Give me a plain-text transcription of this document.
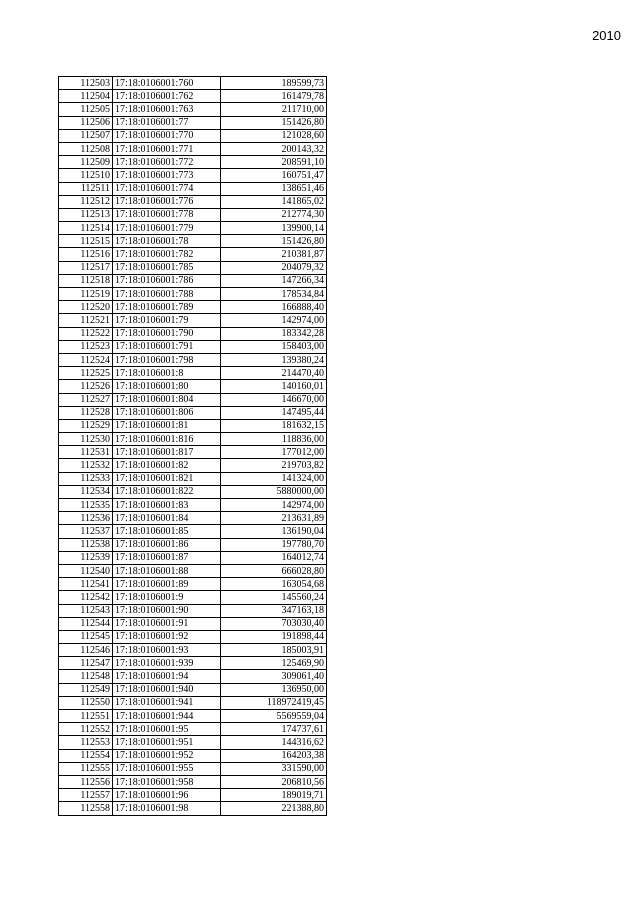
2010
112503	17:18:0106001:760	189599,73
112504	17:18:0106001:762	161479,78
112505	17:18:0106001:763	211710,00
112506	17:18:0106001:77	151426,80
112507	17:18:0106001:770	121028,60
112508	17:18:0106001:771	200143,32
112509	17:18:0106001:772	208591,10
112510	17:18:0106001:773	160751,47
112511	17:18:0106001:774	138651,46
112512	17:18:0106001:776	141865,02
112513	17:18:0106001:778	212774,30
112514	17:18:0106001:779	139900,14
112515	17:18:0106001:78	151426,80
112516	17:18:0106001:782	210381,87
112517	17:18:0106001:785	204079,32
112518	17:18:0106001:786	147266,34
112519	17:18:0106001:788	178534,84
112520	17:18:0106001:789	166888,40
112521	17:18:0106001:79	142974,00
112522	17:18:0106001:790	183342,28
112523	17:18:0106001:791	158403,00
112524	17:18:0106001:798	139380,24
112525	17:18:0106001:8	214470,40
112526	17:18:0106001:80	140160,01
112527	17:18:0106001:804	146670,00
112528	17:18:0106001:806	147495,44
112529	17:18:0106001:81	181632,15
112530	17:18:0106001:816	118836,00
112531	17:18:0106001:817	177012,00
112532	17:18:0106001:82	219703,82
112533	17:18:0106001:821	141324,00
112534	17:18:0106001:822	5880000,00
112535	17:18:0106001:83	142974,00
112536	17:18:0106001:84	213631,89
112537	17:18:0106001:85	136190,04
112538	17:18:0106001:86	197780,70
112539	17:18:0106001:87	164012,74
112540	17:18:0106001:88	666028,80
112541	17:18:0106001:89	163054,68
112542	17:18:0106001:9	145560,24
112543	17:18:0106001:90	347163,18
112544	17:18:0106001:91	703030,40
112545	17:18:0106001:92	191898,44
112546	17:18:0106001:93	185003,91
112547	17:18:0106001:939	125469,90
112548	17:18:0106001:94	309061,40
112549	17:18:0106001:940	136950,00
112550	17:18:0106001:941	118972419,45
112551	17:18:0106001:944	5569559,04
112552	17:18:0106001:95	174737,61
112553	17:18:0106001:951	144316,62
112554	17:18:0106001:952	164203,38
112555	17:18:0106001:955	331590,00
112556	17:18:0106001:958	206810,56
112557	17:18:0106001:96	189019,71
112558	17:18:0106001:98	221388,80
